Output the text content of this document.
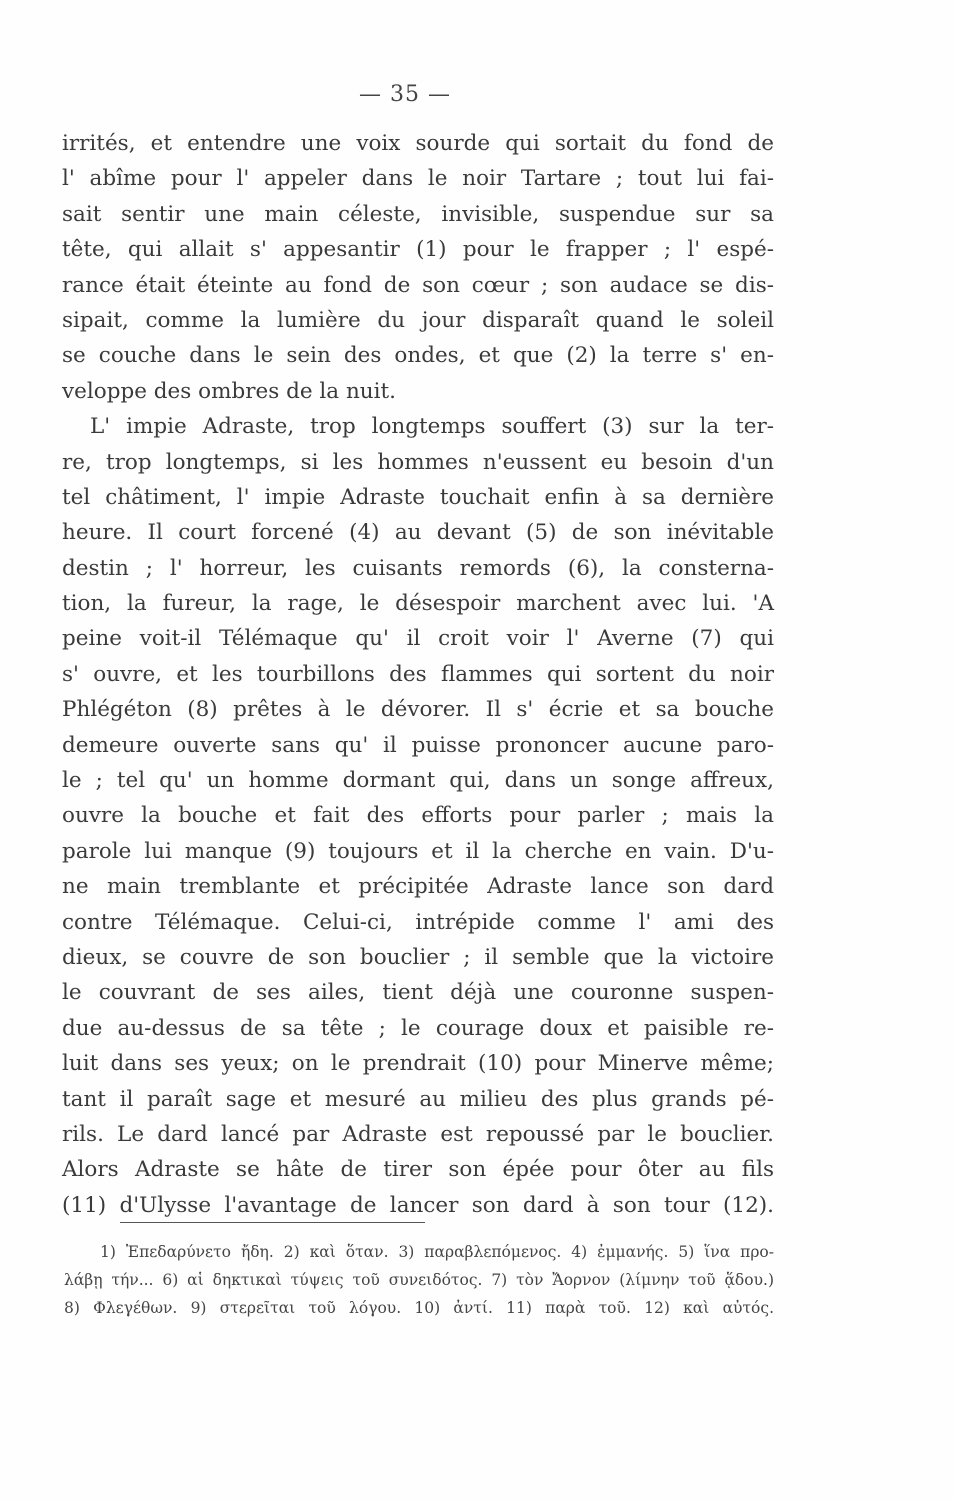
— 35 —
irrités, et entendre une voix sourde qui sortait du fond de
l' abîme pour l' appeler dans le noir Tartare ; tout lui fai-
sait sentir une main céleste, invisible, suspendue sur sa
tête, qui allait s' appesantir (1) pour le frapper ; l' espé-
rance était éteinte au fond de son cœur ; son audace se dis-
sipait, comme la lumière du jour disparaît quand le soleil
se couche dans le sein des ondes, et que (2) la terre s' en-
veloppe des ombres de la nuit.
L' impie Adraste, trop longtemps souffert (3) sur la ter-
re, trop longtemps, si les hommes n'eussent eu besoin d'un
tel châtiment, l' impie Adraste touchait enfin à sa dernière
heure. Il court forcené (4) au devant (5) de son inévitable
destin ; l' horreur, les cuisants remords (6), la consterna-
tion, la fureur, la rage, le désespoir marchent avec lui. 'A
peine voit-il Télémaque qu' il croit voir l' Averne (7) qui
s' ouvre, et les tourbillons des flammes qui sortent du noir
Phlégéton (8) prêtes à le dévorer. Il s' écrie et sa bouche
demeure ouverte sans qu' il puisse prononcer aucune paro-
le ; tel qu' un homme dormant qui, dans un songe affreux,
ouvre la bouche et fait des efforts pour parler ; mais la
parole lui manque (9) toujours et il la cherche en vain. D'u-
ne main tremblante et précipitée Adraste lance son dard
contre Télémaque. Celui-ci, intrépide comme l' ami des
dieux, se couvre de son bouclier ; il semble que la victoire
le couvrant de ses ailes, tient déjà une couronne suspen-
due au-dessus de sa tête ; le courage doux et paisible re-
luit dans ses yeux; on le prendrait (10) pour Minerve même;
tant il paraît sage et mesuré au milieu des plus grands pé-
rils. Le dard lancé par Adraste est repoussé par le bouclier.
Alors Adraste se hâte de tirer son épée pour ôter au fils
(11) d'Ulysse l'avantage de lancer son dard à son tour (12).
1) Ἐπεδαρύνετο ἤδη. 2) καὶ ὅταν. 3) παραβλεπόμενος. 4) ἐμμανής. 5) ἵνα προ-
λάβῃ τήν... 6) αἱ δηκτικαὶ τύψεις τοῦ συνειδότος. 7) τὸν Ἄορνον (λίμνην τοῦ ᾅδου.)
8) Φλεγέθων. 9) στερεῖται τοῦ λόγου. 10) ἀντί. 11) παρὰ τοῦ. 12) καὶ αὐτός.
